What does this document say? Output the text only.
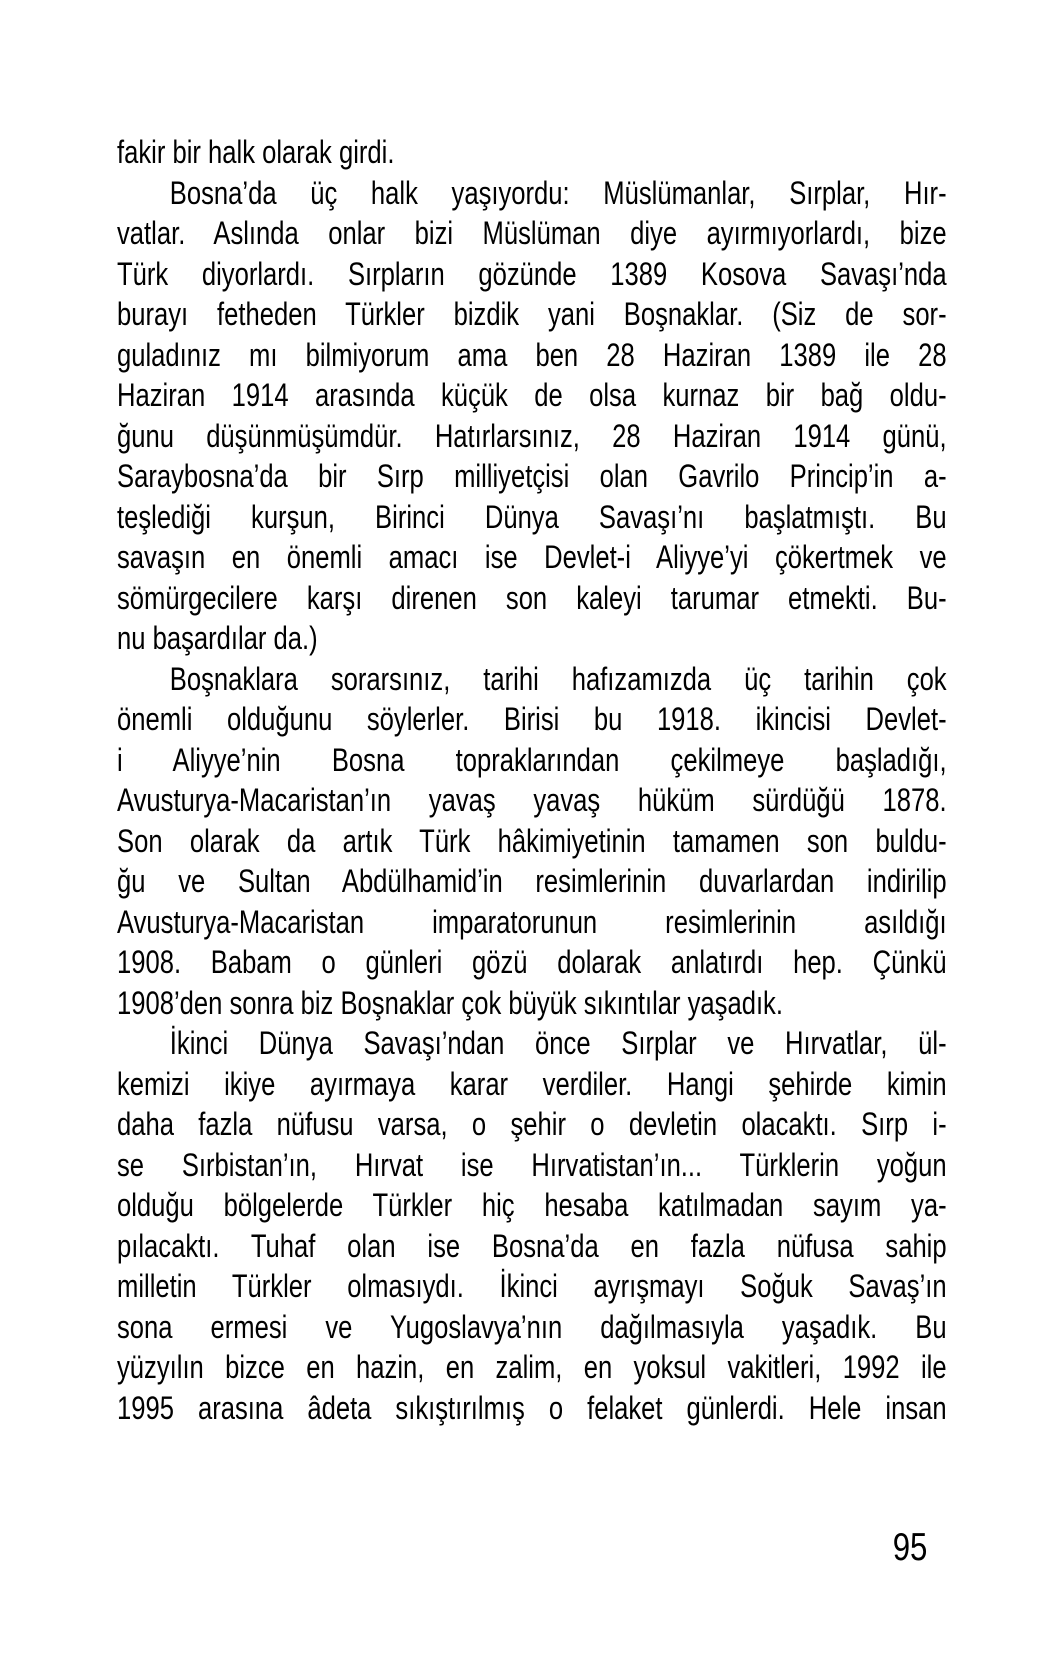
fakir bir halk olarak girdi.
Bosna’da üç halk yaşıyordu: Müslümanlar, Sırplar, Hır-
vatlar. Aslında onlar bizi Müslüman diye ayırmıyorlardı, bize
Türk diyorlardı. Sırpların gözünde 1389 Kosova Savaşı’nda
burayı fetheden Türkler bizdik yani Boşnaklar. (Siz de sor-
guladınız mı bilmiyorum ama ben 28 Haziran 1389 ile 28
Haziran 1914 arasında küçük de olsa kurnaz bir bağ oldu-
ğunu düşünmüşümdür. Hatırlarsınız, 28 Haziran 1914 günü,
Saraybosna’da bir Sırp milliyetçisi olan Gavrilo Princip’in a-
teşlediği kurşun, Birinci Dünya Savaşı’nı başlatmıştı. Bu
savaşın en önemli amacı ise Devlet-i Aliyye’yi çökertmek ve
sömürgecilere karşı direnen son kaleyi tarumar etmekti. Bu-
nu başardılar da.)
Boşnaklara sorarsınız, tarihi hafızamızda üç tarihin çok
önemli olduğunu söylerler. Birisi bu 1918. ikincisi Devlet-
i Aliyye’nin Bosna topraklarından çekilmeye başladığı,
Avusturya-Macaristan’ın yavaş yavaş hüküm sürdüğü 1878.
Son olarak da artık Türk hâkimiyetinin tamamen son buldu-
ğu ve Sultan Abdülhamid’in resimlerinin duvarlardan indirilip
Avusturya-Macaristan imparatorunun resimlerinin asıldığı
1908. Babam o günleri gözü dolarak anlatırdı hep. Çünkü
1908’den sonra biz Boşnaklar çok büyük sıkıntılar yaşadık.
İkinci Dünya Savaşı’ndan önce Sırplar ve Hırvatlar, ül-
kemizi ikiye ayırmaya karar verdiler. Hangi şehirde kimin
daha fazla nüfusu varsa, o şehir o devletin olacaktı. Sırp i-
se Sırbistan’ın, Hırvat ise Hırvatistan’ın... Türklerin yoğun
olduğu bölgelerde Türkler hiç hesaba katılmadan sayım ya-
pılacaktı. Tuhaf olan ise Bosna’da en fazla nüfusa sahip
milletin Türkler olmasıydı. İkinci ayrışmayı Soğuk Savaş’ın
sona ermesi ve Yugoslavya’nın dağılmasıyla yaşadık. Bu
yüzyılın bizce en hazin, en zalim, en yoksul vakitleri, 1992 ile
1995 arasına âdeta sıkıştırılmış o felaket günlerdi. Hele insan
95
